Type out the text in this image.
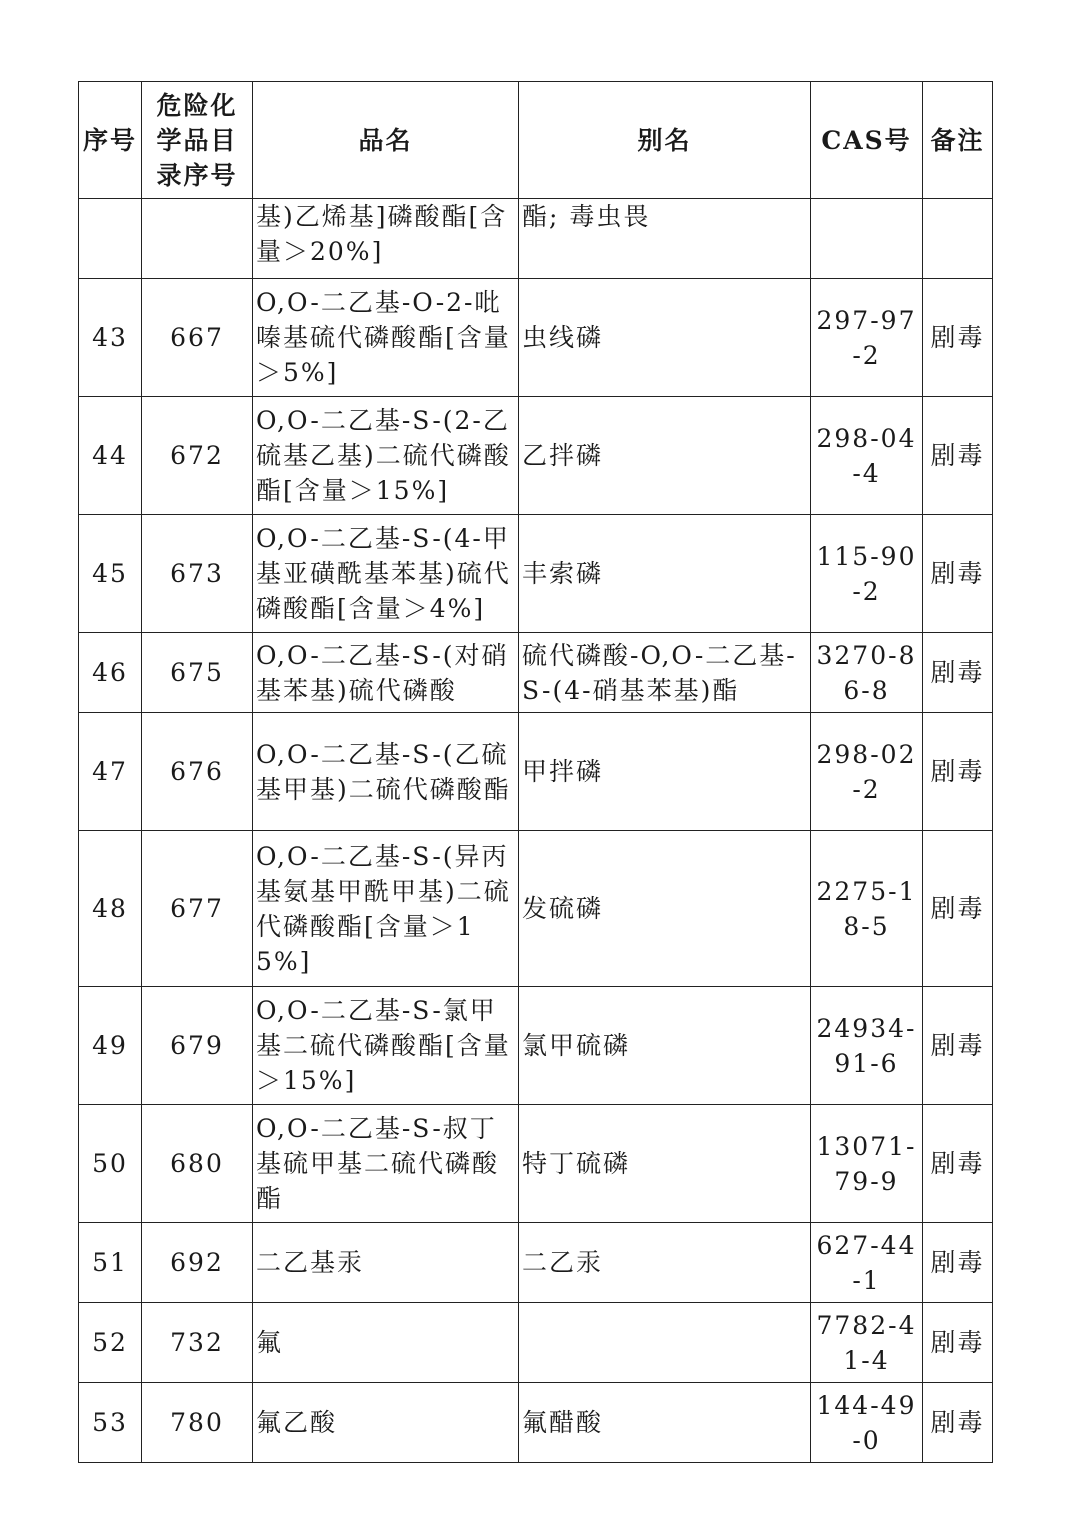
序号	危险化学品目录序号	品名	别名	CAS号	备注
		基)乙烯基]磷酸酯[含量＞20%]	酯; 毒虫畏		
43	667	O,O-二乙基-O-2-吡嗪基硫代磷酸酯[含量＞5%]	虫线磷	297-97-2	剧毒
44	672	O,O-二乙基-S-(2-乙硫基乙基)二硫代磷酸酯[含量＞15%]	乙拌磷	298-04-4	剧毒
45	673	O,O-二乙基-S-(4-甲基亚磺酰基苯基)硫代磷酸酯[含量＞4%]	丰索磷	115-90-2	剧毒
46	675	O,O-二乙基-S-(对硝基苯基)硫代磷酸	硫代磷酸-O,O-二乙基-S-(4-硝基苯基)酯	3270-86-8	剧毒
47	676	O,O-二乙基-S-(乙硫基甲基)二硫代磷酸酯	甲拌磷	298-02-2	剧毒
48	677	O,O-二乙基-S-(异丙基氨基甲酰甲基)二硫代磷酸酯[含量＞15%]	发硫磷	2275-18-5	剧毒
49	679	O,O-二乙基-S-氯甲基二硫代磷酸酯[含量＞15%]	氯甲硫磷	24934-91-6	剧毒
50	680	O,O-二乙基-S-叔丁基硫甲基二硫代磷酸酯	特丁硫磷	13071-79-9	剧毒
51	692	二乙基汞	二乙汞	627-44-1	剧毒
52	732	氟		7782-41-4	剧毒
53	780	氟乙酸	氟醋酸	144-49-0	剧毒
